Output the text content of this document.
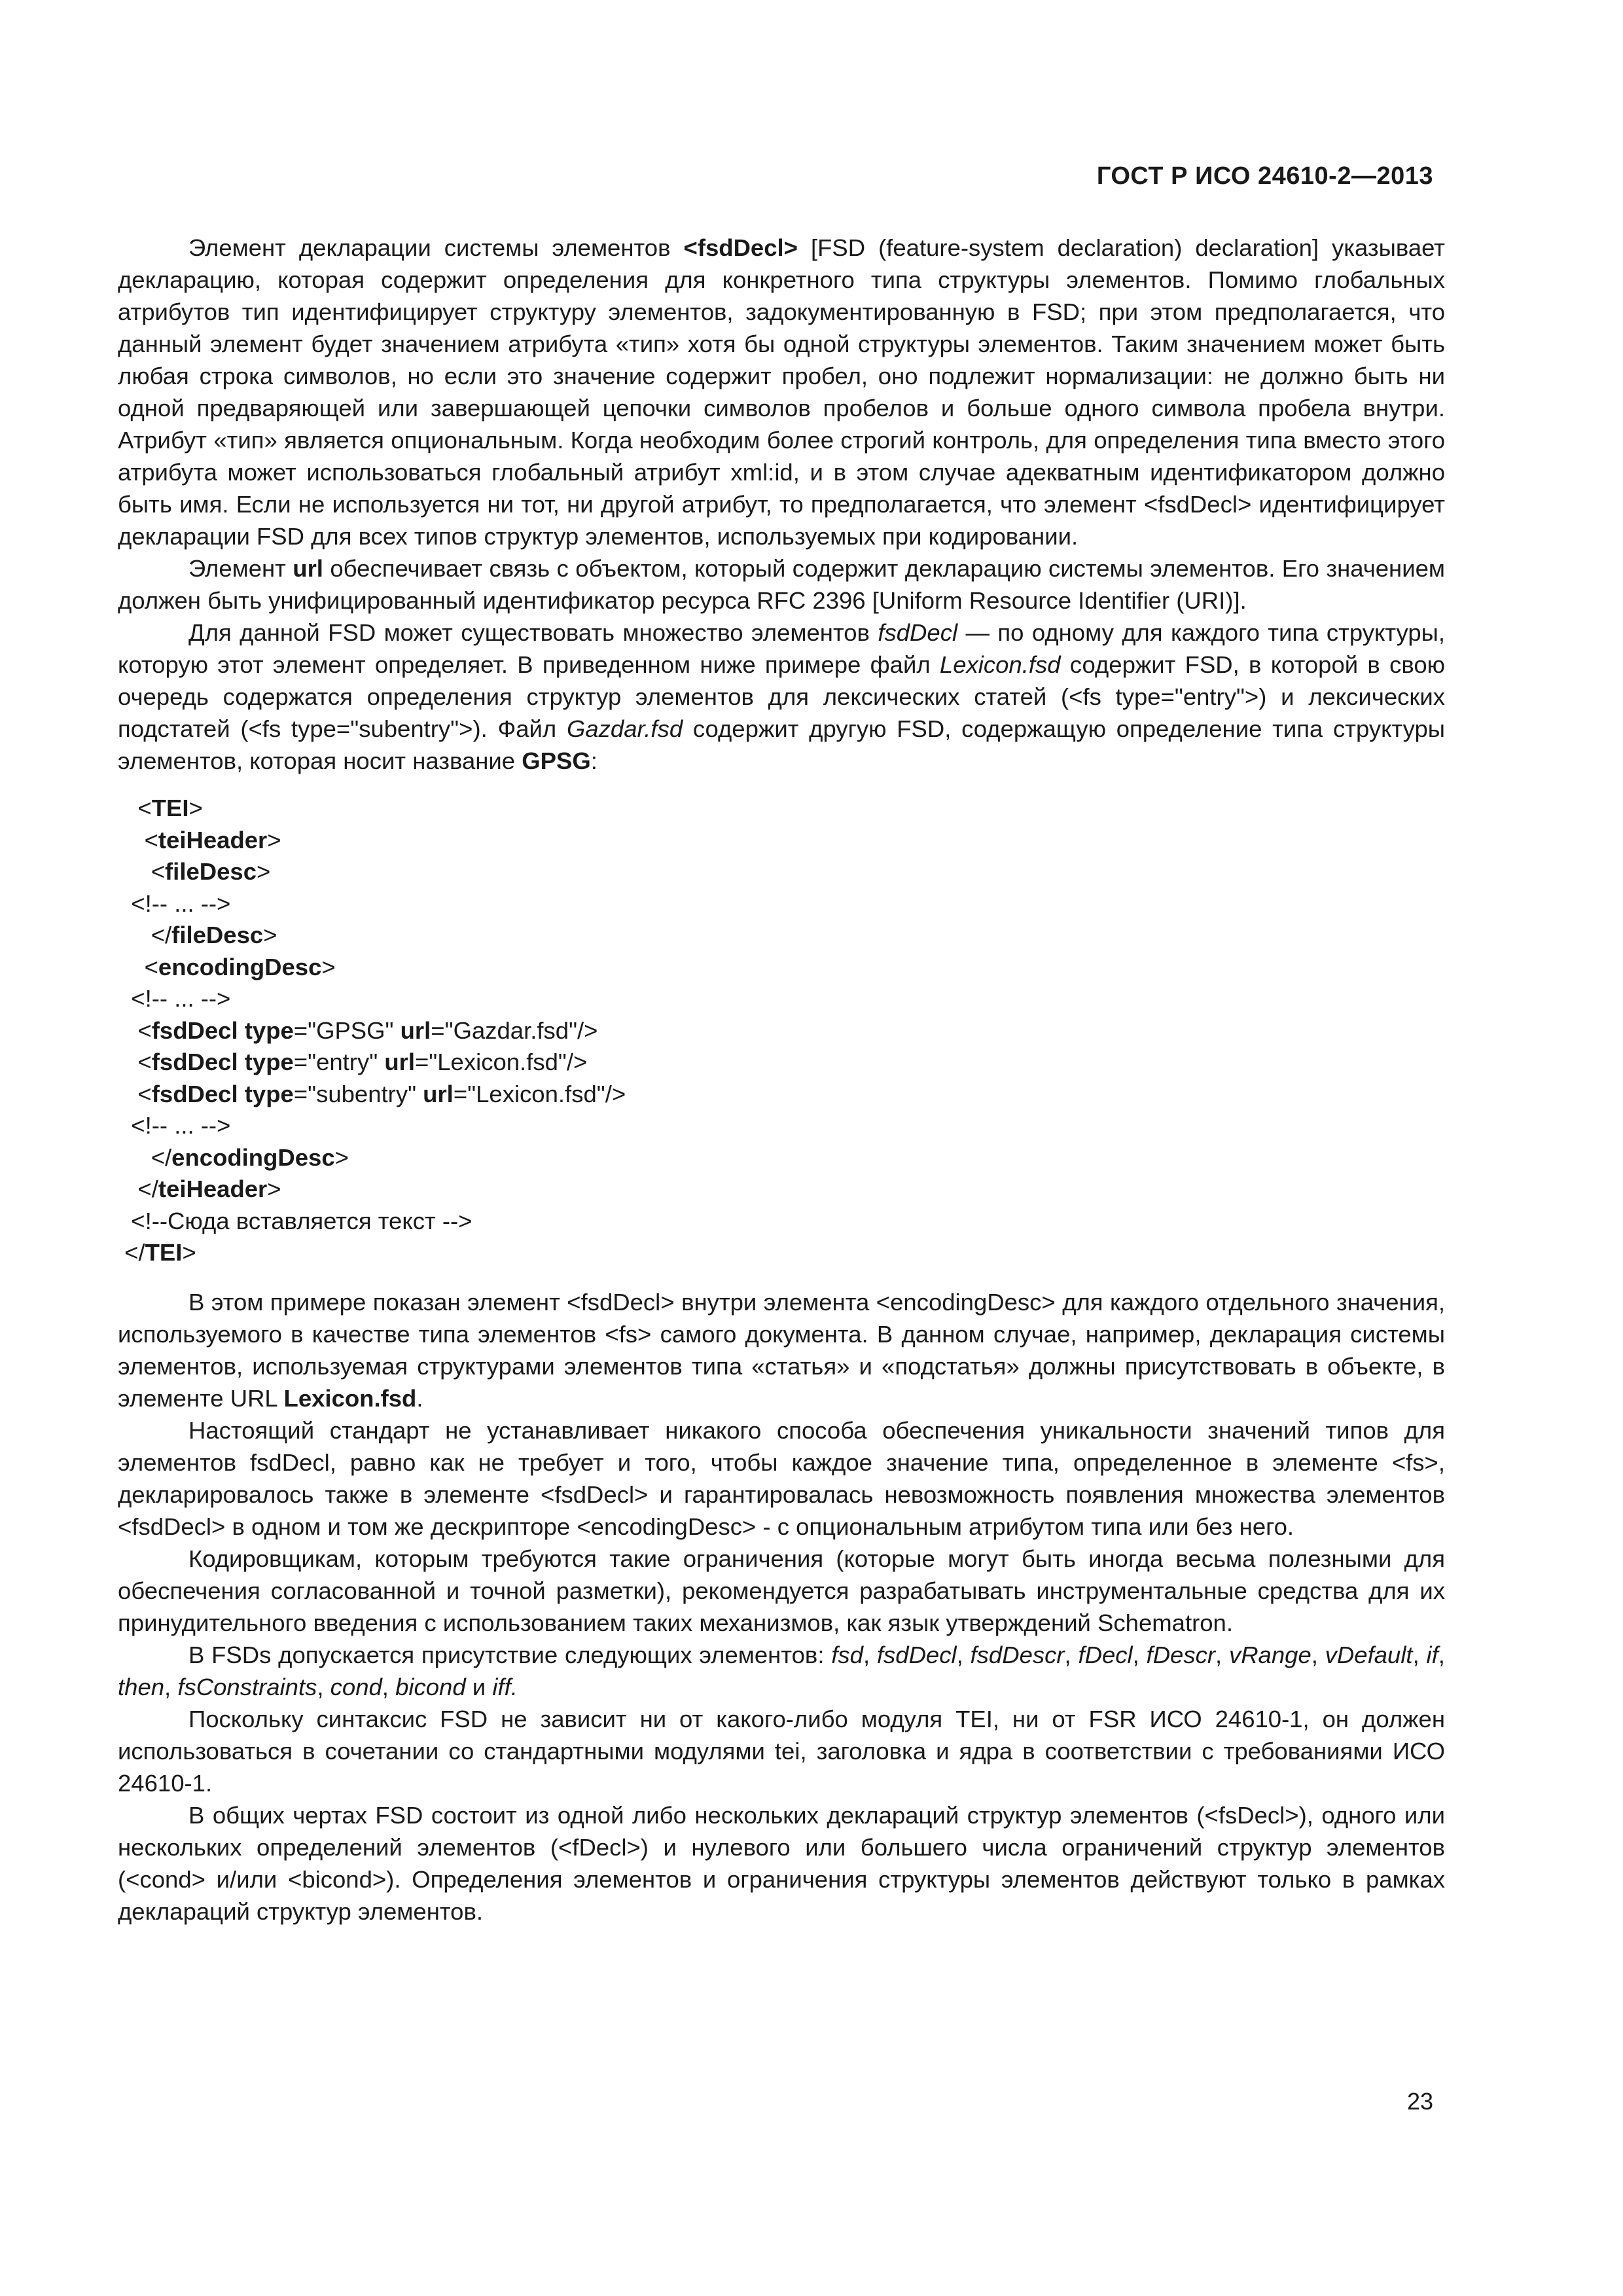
ГОСТ Р ИСО 24610-2—2013

Элемент декларации системы элементов <fsdDecl> [FSD (feature-system declaration) declaration] указывает декларацию, которая содержит определения для конкретного типа структуры элементов. Помимо глобальных атрибутов тип идентифицирует структуру элементов, задокументированную в FSD; при этом предполагается, что данный элемент будет значением атрибута «тип» хотя бы одной структуры элементов. Таким значением может быть любая строка символов, но если это значение содержит пробел, оно подлежит нормализации: не должно быть ни одной предваряющей или завершающей цепочки символов пробелов и больше одного символа пробела внутри. Атрибут «тип» является опциональным. Когда необходим более строгий контроль, для определения типа вместо этого атрибута может использоваться глобальный атрибут xml:id, и в этом случае адекватным идентификатором должно быть имя. Если не используется ни тот, ни другой атрибут, то предполагается, что элемент <fsdDecl> идентифицирует декларации FSD для всех типов структур элементов, используемых при кодировании.

Элемент url обеспечивает связь с объектом, который содержит декларацию системы элементов. Его значением должен быть унифицированный идентификатор ресурса RFC 2396 [Uniform Resource Identifier (URI)].

Для данной FSD может существовать множество элементов fsdDecl — по одному для каждого типа структуры, которую этот элемент определяет. В приведенном ниже примере файл Lexicon.fsd содержит FSD, в которой в свою очередь содержатся определения структур элементов для лексических статей (<fs type="entry">) и лексических подстатей (<fs type="subentry">). Файл Gazdar.fsd содержит другую FSD, содержащую определение типа структуры элементов, которая носит название GPSG:

<TEI>
<teiHeader>
<fileDesc>
<!-- ... -->
</fileDesc>
<encodingDesc>
<!-- ... -->
<fsdDecl type="GPSG" url="Gazdar.fsd"/>
<fsdDecl type="entry" url="Lexicon.fsd"/>
<fsdDecl type="subentry" url="Lexicon.fsd"/>
<!-- ... -->
</encodingDesc>
</teiHeader>
<!--Сюда вставляется текст -->
</TEI>

В этом примере показан элемент <fsdDecl> внутри элемента <encodingDesc> для каждого отдельного значения, используемого в качестве типа элементов <fs> самого документа. В данном случае, например, декларация системы элементов, используемая структурами элементов типа «статья» и «подстатья» должны присутствовать в объекте, в элементе URL Lexicon.fsd.

Настоящий стандарт не устанавливает никакого способа обеспечения уникальности значений типов для элементов fsdDecl, равно как не требует и того, чтобы каждое значение типа, определенное в элементе <fs>, декларировалось также в элементе <fsdDecl> и гарантировалась невозможность появления множества элементов <fsdDecl> в одном и том же дескрипторе <encodingDesc> - с опциональным атрибутом типа или без него.

Кодировщикам, которым требуются такие ограничения (которые могут быть иногда весьма полезными для обеспечения согласованной и точной разметки), рекомендуется разрабатывать инструментальные средства для их принудительного введения с использованием таких механизмов, как язык утверждений Schematron.

В FSDs допускается присутствие следующих элементов: fsd, fsdDecl, fsdDescr, fDecl, fDescr, vRange, vDefault, if, then, fsConstraints, cond, bicond и iff.

Поскольку синтаксис FSD не зависит ни от какого-либо модуля TEI, ни от FSR ИСО 24610-1, он должен использоваться в сочетании со стандартными модулями tei, заголовка и ядра в соответствии с требованиями ИСО 24610-1.

В общих чертах FSD состоит из одной либо нескольких деклараций структур элементов (<fsDecl>), одного или нескольких определений элементов (<fDecl>) и нулевого или большего числа ограничений структур элементов (<cond> и/или <bicond>). Определения элементов и ограничения структуры элементов действуют только в рамках деклараций структур элементов.

23
